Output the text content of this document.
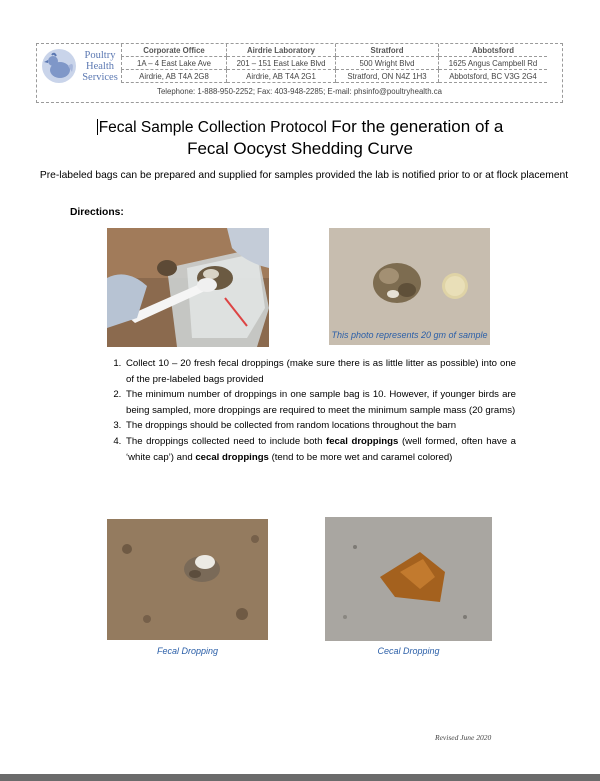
Poultry
Health
Services
Corporate Office	Airdrie Laboratory	Stratford	Abbotsford
1A – 4 East Lake Ave	201 – 151 East Lake Blvd	500 Wright Blvd	1625 Angus Campbell Rd
Airdrie, AB T4A 2G8	Airdrie, AB T4A 2G1	Stratford, ON N4Z 1H3	Abbotsford, BC V3G 2G4
Telephone: 1-888-950-2252; Fax: 403-948-2285; E-mail: phsinfo@poultryhealth.ca
Fecal Sample Collection Protocol For the generation of a
Fecal Oocyst Shedding Curve
Pre-labeled bags can be prepared and supplied for samples provided the lab is notified prior to or at flock placement
Directions:
This photo represents 20 gm of sample
1. Collect 10 – 20 fresh fecal droppings (make sure there is as little litter as possible) into one of the pre-labeled bags provided
2. The minimum number of droppings in one sample bag is 10. However, if younger birds are being sampled, more droppings are required to meet the minimum sample mass (20 grams)
3. The droppings should be collected from random locations throughout the barn
4. The droppings collected need to include both fecal droppings (well formed, often have a ‘white cap’) and cecal droppings (tend to be more wet and caramel colored)
Fecal Dropping	Cecal Dropping
Revised June 2020
